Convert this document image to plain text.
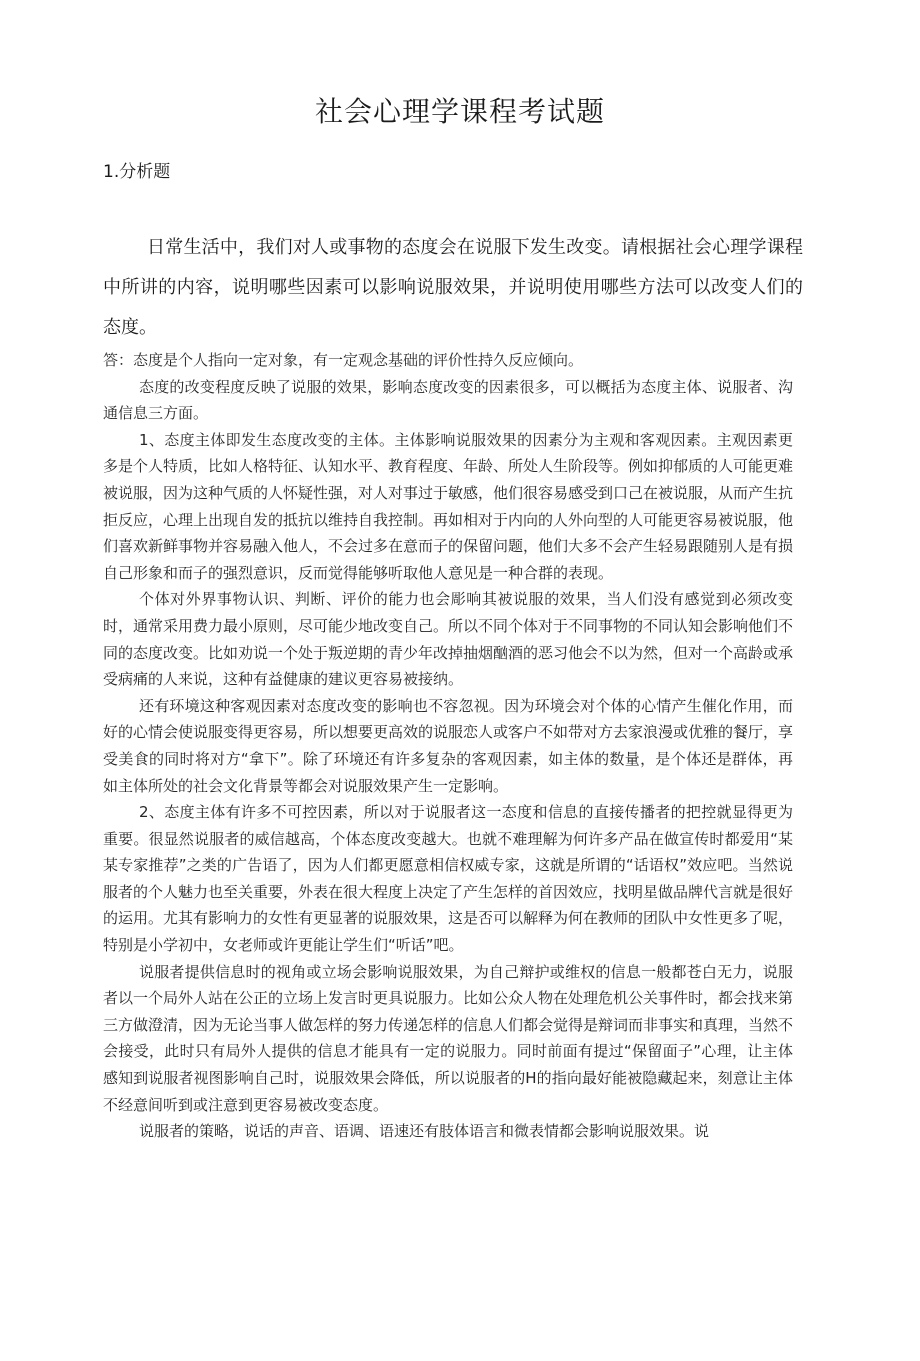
社会心理学课程考试题
1.分析题
日常生活中，我们对人或事物的态度会在说服下发生改变。请根据社会心理学课程中所讲的内容，说明哪些因素可以影响说服效果，并说明使用哪些方法可以改变人们的态度。

答：态度是个人指向一定对象，有一定观念基础的评价性持久反应倾向。

态度的改变程度反映了说服的效果，影响态度改变的因素很多，可以概括为态度主体、说服者、沟通信息三方面。

1、态度主体即发生态度改变的主体。主体影响说服效果的因素分为主观和客观因素。主观因素更多是个人特质，比如人格特征、认知水平、教育程度、年龄、所处人生阶段等。例如抑郁质的人可能更难被说服，因为这种气质的人怀疑性强，对人对事过于敏感，他们很容易感受到口己在被说服，从而产生抗拒反应，心理上出现自发的抵抗以维持自我控制。再如相对于内向的人外向型的人可能更容易被说服，他们喜欢新鲜事物并容易融入他人，不会过多在意而子的保留问题，他们大多不会产生轻易跟随别人是有损自己形象和而子的强烈意识，反而觉得能够听取他人意见是一种合群的表现。

个体对外界事物认识、判断、评价的能力也会彫响其被说服的效果，当人们没有感觉到必须改变时，通常采用费力最小原则，尽可能少地改变自己。所以不同个体对于不同事物的不同认知会影响他们不同的态度改变。比如劝说一个处于叛逆期的青少年改掉抽烟酗酒的恶习他会不以为然，但对一个高龄或承受病痛的人来说，这种有益健康的建议更容易被接纳。

还有环境这种客观因素对态度改变的影响也不容忽视。因为环境会对个体的心情产生催化作用，而好的心情会使说服变得更容易，所以想要更高效的说服恋人或客户不如带对方去家浪漫或优雅的餐厅，享受美食的同时将对方“拿下”。除了环境还有许多复杂的客观因素，如主体的数量，是个体还是群体，再如主体所处的社会文化背景等都会对说服效果产生一定影响。

2、态度主体有许多不可控因素，所以对于说服者这一态度和信息的直接传播者的把控就显得更为重要。很显然说服者的威信越高，个体态度改变越大。也就不难理解为何许多产品在做宣传时都爱用“某某专家推荐”之类的广告语了，因为人们都更愿意相信权威专家，这就是所谓的“话语权”效应吧。当然说服者的个人魅力也至关重要，外表在很大程度上决定了产生怎样的首因效应，找明星做品牌代言就是很好的运用。尤其有影响力的女性有更显著的说服效果，这是否可以解释为何在教师的团队中女性更多了呢，特别是小学初中，女老师或许更能让学生们“听话”吧。

说服者提供信息时的视角或立场会影响说服效果，为自己辩护或维权的信息一般都苍白无力，说服者以一个局外人站在公正的立场上发言时更具说服力。比如公众人物在处理危机公关事件时，都会找来第三方做澄清，因为无论当事人做怎样的努力传递怎样的信息人们都会觉得是辩词而非事实和真理，当然不会接受，此时只有局外人提供的信息才能具有一定的说服力。同时前面有提过“保留面子”心理，让主体感知到说服者视图影响自己时，说服效果会降低，所以说服者的H的指向最好能被隐藏起来，刻意让主体不经意间听到或注意到更容易被改变态度。

说服者的策略，说话的声音、语调、语速还有肢体语言和微表情都会影响说服效果。说
